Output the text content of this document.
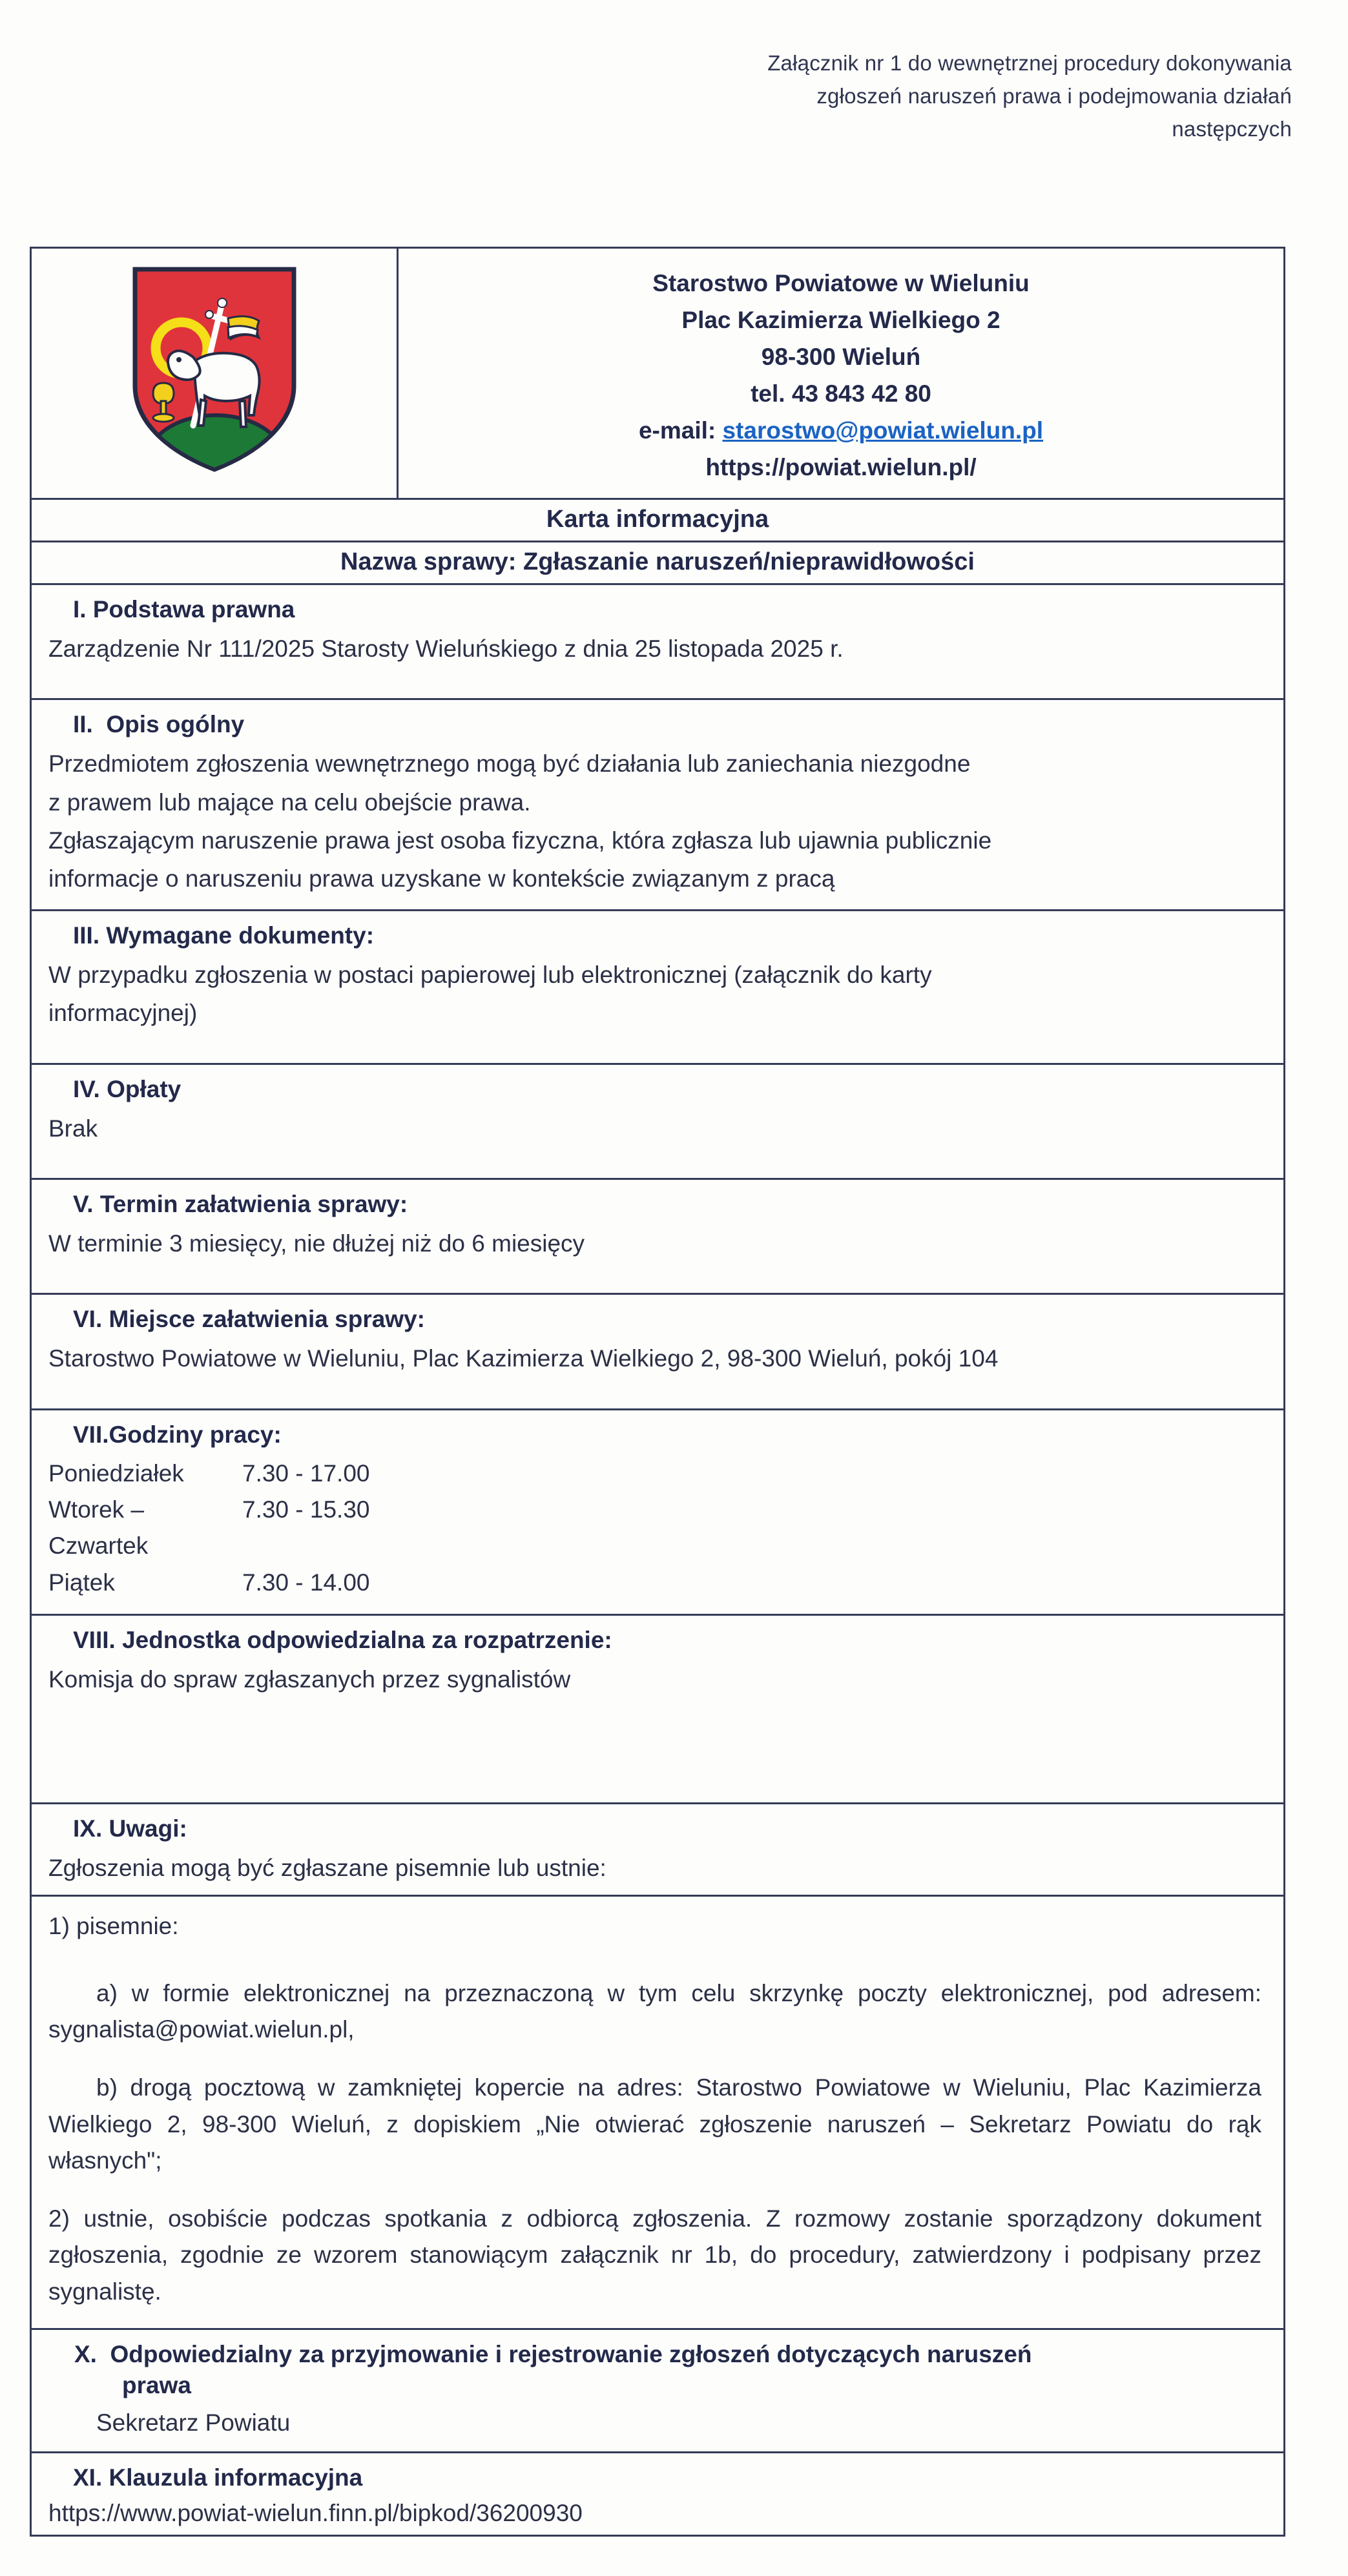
Załącznik nr 1 do wewnętrznej procedury dokonywania
zgłoszeń naruszeń prawa i podejmowania działań
następczych
Starostwo Powiatowe w Wieluniu
Plac Kazimierza Wielkiego 2
98-300 Wieluń
tel. 43 843 42 80
e-mail: starostwo@powiat.wielun.pl
https://powiat.wielun.pl/
Karta informacyjna
Nazwa sprawy: Zgłaszanie naruszeń/nieprawidłowości
I. Podstawa prawna

Zarządzenie Nr 111/2025 Starosty Wieluńskiego z dnia 25 listopada 2025 r.

II. Opis ogólny

Przedmiotem zgłoszenia wewnętrznego mogą być działania lub zaniechania niezgodne

z prawem lub mające na celu obejście prawa.

Zgłaszającym naruszenie prawa jest osoba fizyczna, która zgłasza lub ujawnia publicznie

informacje o naruszeniu prawa uzyskane w kontekście związanym z pracą

III. Wymagane dokumenty:

W przypadku zgłoszenia w postaci papierowej lub elektronicznej (załącznik do karty

informacyjnej)

IV. Opłaty

Brak

V. Termin załatwienia sprawy:

W terminie 3 miesięcy, nie dłużej niż do 6 miesięcy

VI. Miejsce załatwienia sprawy:

Starostwo Powiatowe w Wieluniu, Plac Kazimierza Wielkiego 2, 98-300 Wieluń, pokój 104

VII.Godziny pracy:
Poniedziałek	7.30 - 17.00
Wtorek – Czwartek
7.30 - 15.30
Piątek	7.30 - 14.00
VIII. Jednostka odpowiedzialna za rozpatrzenie:

Komisja do spraw zgłaszanych przez sygnalistów

IX. Uwagi:

Zgłoszenia mogą być zgłaszane pisemnie lub ustnie:

1) pisemnie:

a) w formie elektronicznej na przeznaczoną w tym celu skrzynkę poczty elektronicznej, pod adresem: sygnalista@powiat.wielun.pl,

b) drogą pocztową w zamkniętej kopercie na adres: Starostwo Powiatowe w Wieluniu, Plac Kazimierza Wielkiego 2, 98-300 Wieluń, z dopiskiem „Nie otwierać zgłoszenie naruszeń – Sekretarz Powiatu do rąk własnych";

2) ustnie, osobiście podczas spotkania z odbiorcą zgłoszenia. Z rozmowy zostanie sporządzony dokument zgłoszenia, zgodnie ze wzorem stanowiącym załącznik nr 1b, do procedury, zatwierdzony i podpisany przez sygnalistę.

X. Odpowiedzialny za przyjmowanie i rejestrowanie zgłoszeń dotyczących naruszeń
prawa
Sekretarz Powiatu
XI. Klauzula informacyjna
https://www.powiat-wielun.finn.pl/bipkod/36200930
